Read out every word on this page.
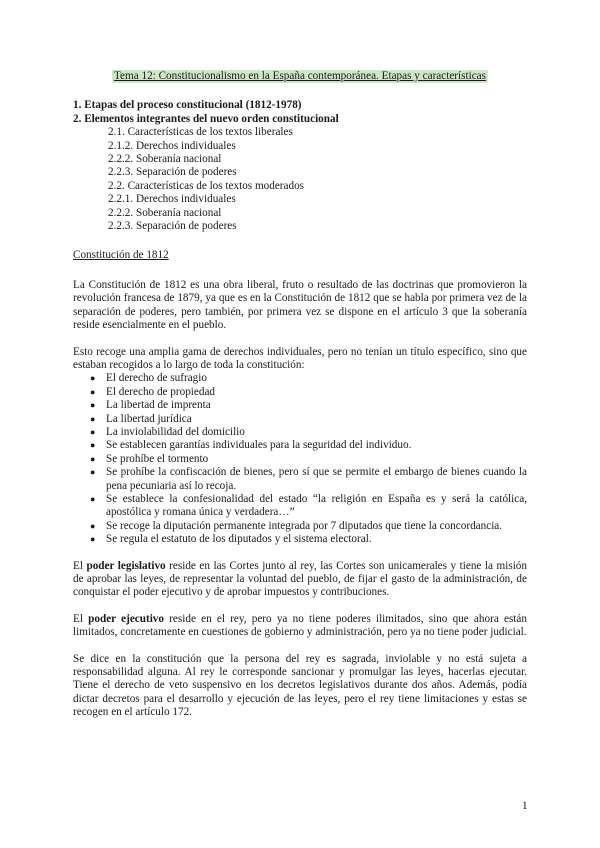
Tema 12: Constitucionalismo en la España contemporánea. Etapas y características
1. Etapas del proceso constitucional (1812-1978)
2. Elementos integrantes del nuevo orden constitucional
2.1. Características de los textos liberales
2.1.2. Derechos individuales
2.2.2. Soberanía nacional
2.2.3. Separación de poderes
2.2. Características de los textos moderados
2.2.1. Derechos individuales
2.2.2. Soberanía nacional
2.2.3. Separación de poderes
Constitución de 1812

La Constitución de 1812 es una obra liberal, fruto o resultado de las doctrinas que promovieron la revolución francesa de 1879, ya que es en la Constitución de 1812 que se habla por primera vez de la separación de poderes, pero también, por primera vez se dispone en el artículo 3 que la soberanía reside esencialmente en el pueblo.

Esto recoge una amplia gama de derechos individuales, pero no tenían un título específico, sino que estaban recogidos a lo largo de toda la constitución:

● El derecho de sufragio
● El derecho de propiedad
● La libertad de imprenta
● La libertad jurídica
● La inviolabilidad del domicilio
● Se establecen garantías individuales para la seguridad del individuo.
● Se prohíbe el tormento
● Se prohíbe la confiscación de bienes, pero sí que se permite el embargo de bienes cuando la pena pecuniaria así lo recoja.
● Se establece la confesionalidad del estado “la religión en España es y será la católica, apostólica y romana única y verdadera…”
● Se recoge la diputación permanente integrada por 7 diputados que tiene la concordancia.
● Se regula el estatuto de los diputados y el sistema electoral.

El poder legislativo reside en las Cortes junto al rey, las Cortes son unicamerales y tiene la misión de aprobar las leyes, de representar la voluntad del pueblo, de fijar el gasto de la administración, de conquistar el poder ejecutivo y de aprobar impuestos y contribuciones.

El poder ejecutivo reside en el rey, pero ya no tiene poderes ilimitados, sino que ahora están limitados, concretamente en cuestiones de gobierno y administración, pero ya no tiene poder judicial.

Se dice en la constitución que la persona del rey es sagrada, inviolable y no está sujeta a responsabilidad alguna. Al rey le corresponde sancionar y promulgar las leyes, hacerlas ejecutar. Tiene el derecho de veto suspensivo en los decretos legislativos durante dos años. Además, podía dictar decretos para el desarrollo y ejecución de las leyes, pero el rey tiene limitaciones y estas se recogen en el artículo 172.

1
